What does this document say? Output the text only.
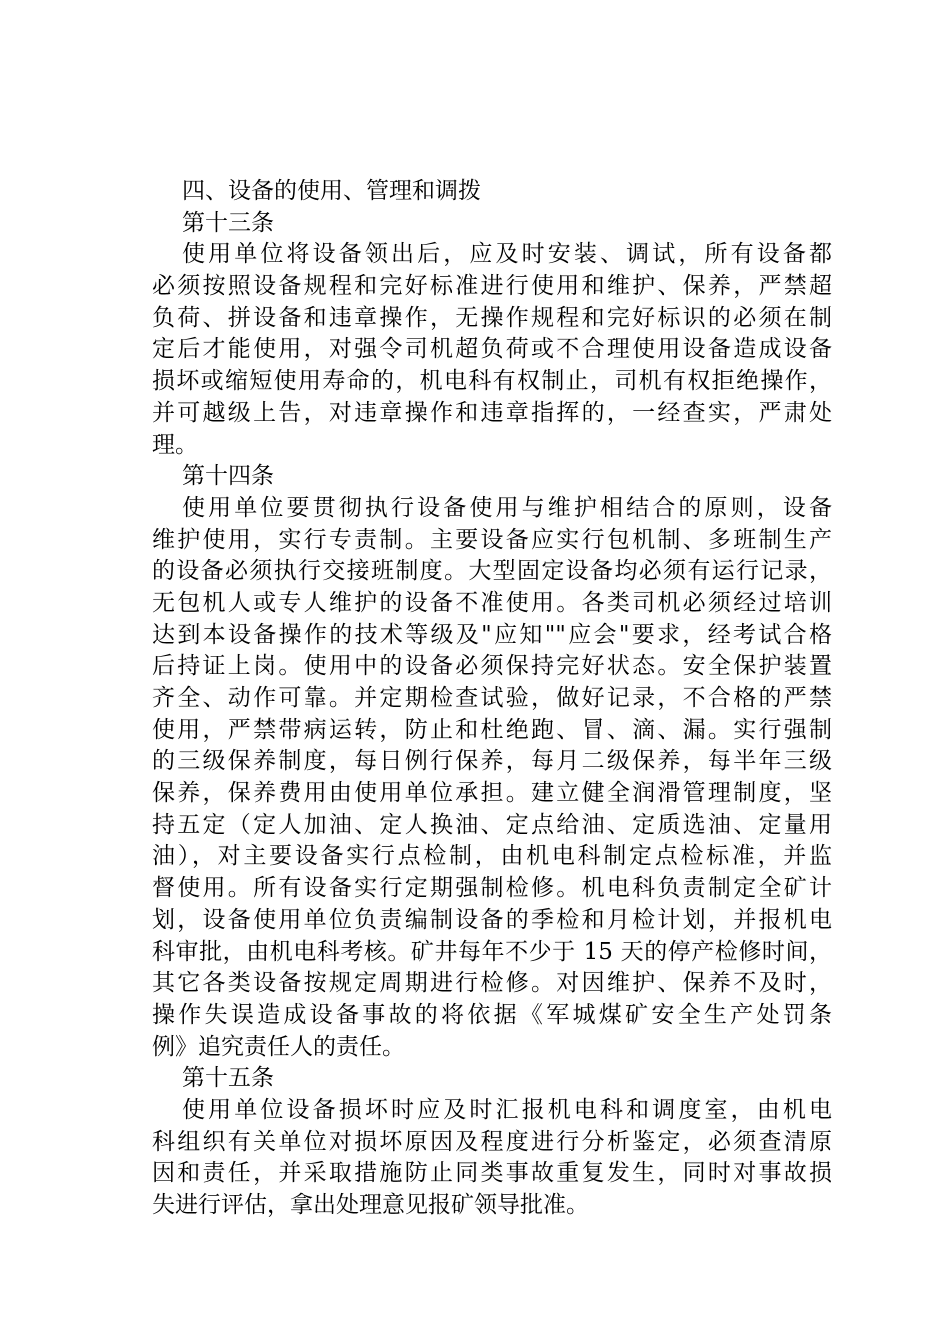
四、设备的使用、管理和调拨
第十三条
使用单位将设备领出后，应及时安装、调试，所有设备都
必须按照设备规程和完好标准进行使用和维护、保养，严禁超
负荷、拼设备和违章操作，无操作规程和完好标识的必须在制
定后才能使用，对强令司机超负荷或不合理使用设备造成设备
损坏或缩短使用寿命的，机电科有权制止，司机有权拒绝操作，
并可越级上告，对违章操作和违章指挥的，一经查实，严肃处
理。
第十四条
使用单位要贯彻执行设备使用与维护相结合的原则，设备
维护使用，实行专责制。主要设备应实行包机制、多班制生产
的设备必须执行交接班制度。大型固定设备均必须有运行记录，
无包机人或专人维护的设备不准使用。各类司机必须经过培训
达到本设备操作的技术等级及"应知""应会"要求，经考试合格
后持证上岗。使用中的设备必须保持完好状态。安全保护装置
齐全、动作可靠。并定期检查试验，做好记录，不合格的严禁
使用，严禁带病运转，防止和杜绝跑、冒、滴、漏。实行强制
的三级保养制度，每日例行保养，每月二级保养，每半年三级
保养，保养费用由使用单位承担。建立健全润滑管理制度，坚
持五定（定人加油、定人换油、定点给油、定质选油、定量用
油），对主要设备实行点检制，由机电科制定点检标准，并监
督使用。所有设备实行定期强制检修。机电科负责制定全矿计
划，设备使用单位负责编制设备的季检和月检计划，并报机电
科审批，由机电科考核。矿井每年不少于 15 天的停产检修时间，
其它各类设备按规定周期进行检修。对因维护、保养不及时，
操作失误造成设备事故的将依据《军城煤矿安全生产处罚条
例》追究责任人的责任。
第十五条
使用单位设备损坏时应及时汇报机电科和调度室，由机电
科组织有关单位对损坏原因及程度进行分析鉴定，必须查清原
因和责任，并采取措施防止同类事故重复发生，同时对事故损
失进行评估，拿出处理意见报矿领导批准。
